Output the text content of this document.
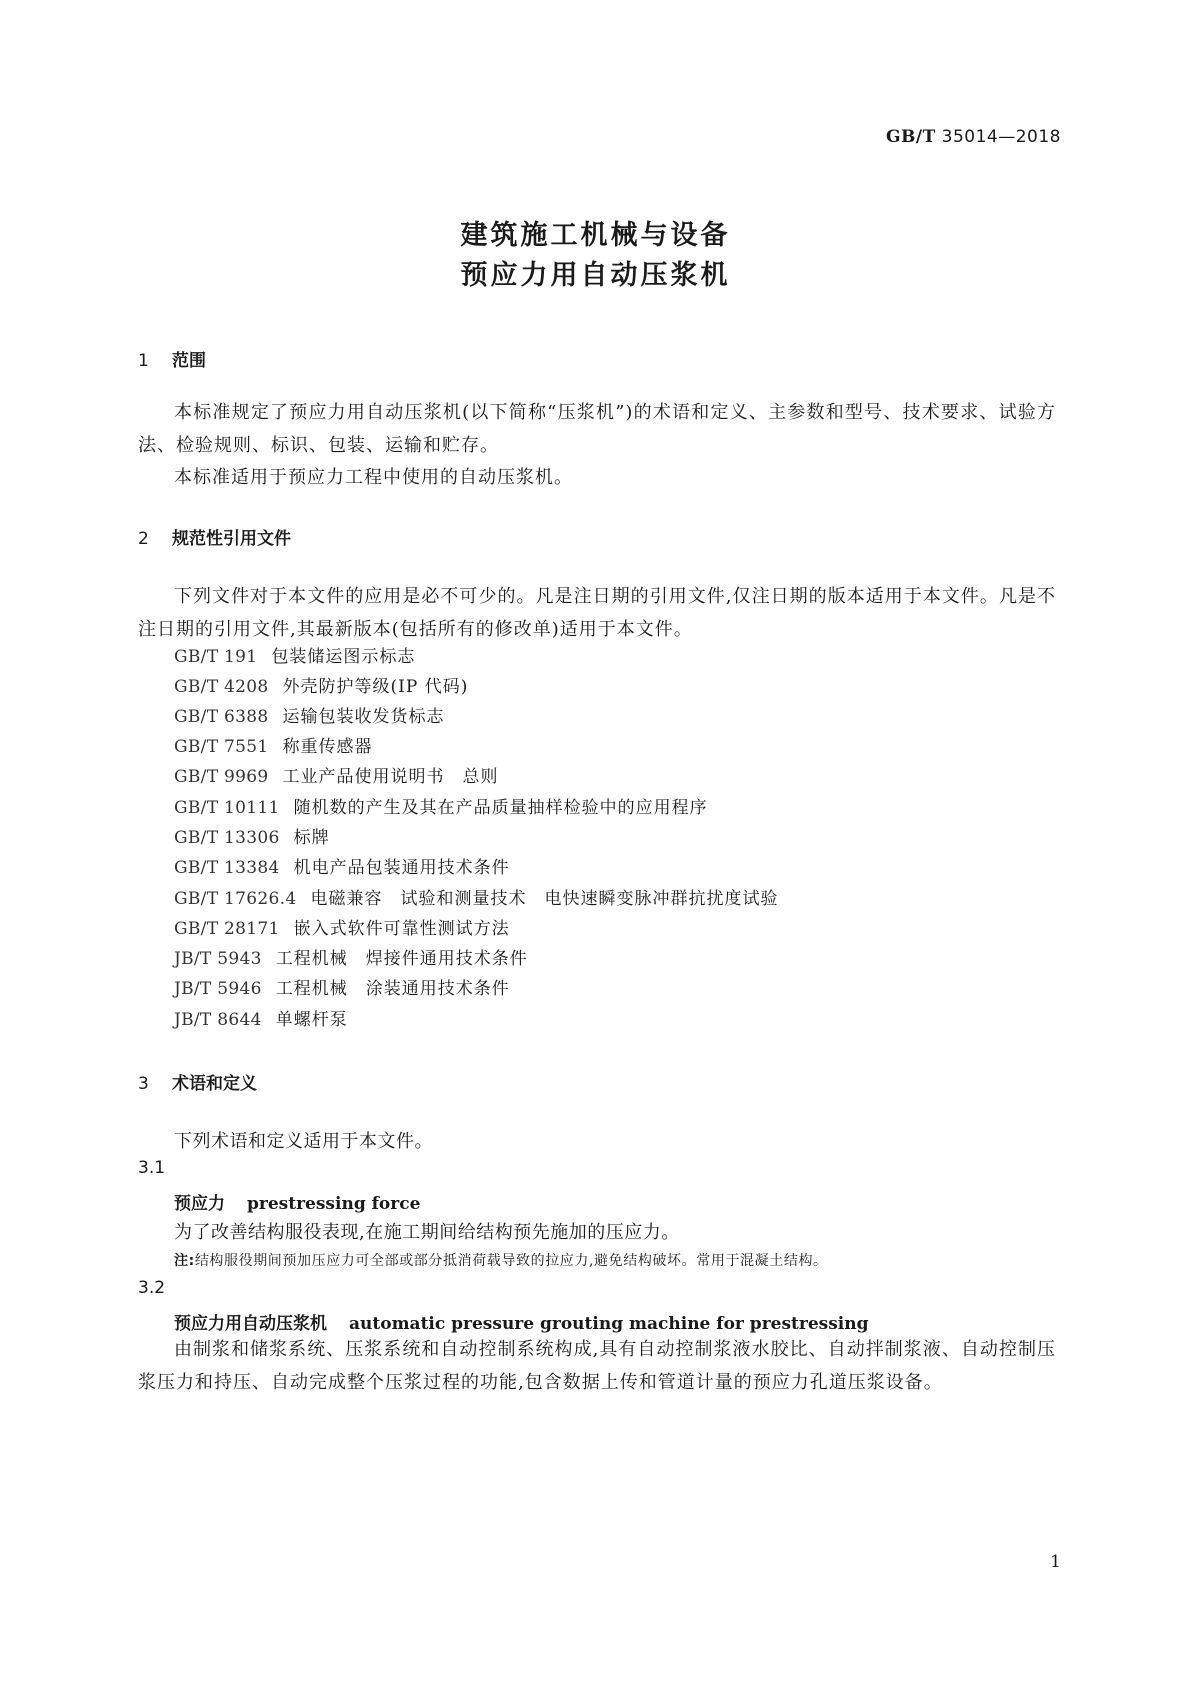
GB/T 35014—2018
建筑施工机械与设备
预应力用自动压浆机
1 范围

本标准规定了预应力用自动压浆机(以下简称“压浆机”)的术语和定义、主参数和型号、技术要求、试验方法、检验规则、标识、包装、运输和贮存。

本标准适用于预应力工程中使用的自动压浆机。

2 规范性引用文件

下列文件对于本文件的应用是必不可少的。凡是注日期的引用文件,仅注日期的版本适用于本文件。凡是不注日期的引用文件,其最新版本(包括所有的修改单)适用于本文件。

GB/T 191 包装储运图示标志
GB/T 4208 外壳防护等级(IP 代码)
GB/T 6388 运输包装收发货标志
GB/T 7551 称重传感器
GB/T 9969 工业产品使用说明书　总则
GB/T 10111 随机数的产生及其在产品质量抽样检验中的应用程序
GB/T 13306 标牌
GB/T 13384 机电产品包装通用技术条件
GB/T 17626.4 电磁兼容　试验和测量技术　电快速瞬变脉冲群抗扰度试验
GB/T 28171 嵌入式软件可靠性测试方法
JB/T 5943 工程机械　焊接件通用技术条件
JB/T 5946 工程机械　涂装通用技术条件
JB/T 8644 单螺杆泵
3 术语和定义
下列术语和定义适用于本文件。
3.1
预应力 prestressing force
为了改善结构服役表现,在施工期间给结构预先施加的压应力。
注:结构服役期间预加压应力可全部或部分抵消荷载导致的拉应力,避免结构破坏。常用于混凝土结构。
3.2
预应力用自动压浆机 automatic pressure grouting machine for prestressing

由制浆和储浆系统、压浆系统和自动控制系统构成,具有自动控制浆液水胶比、自动拌制浆液、自动控制压浆压力和持压、自动完成整个压浆过程的功能,包含数据上传和管道计量的预应力孔道压浆设备。

1
